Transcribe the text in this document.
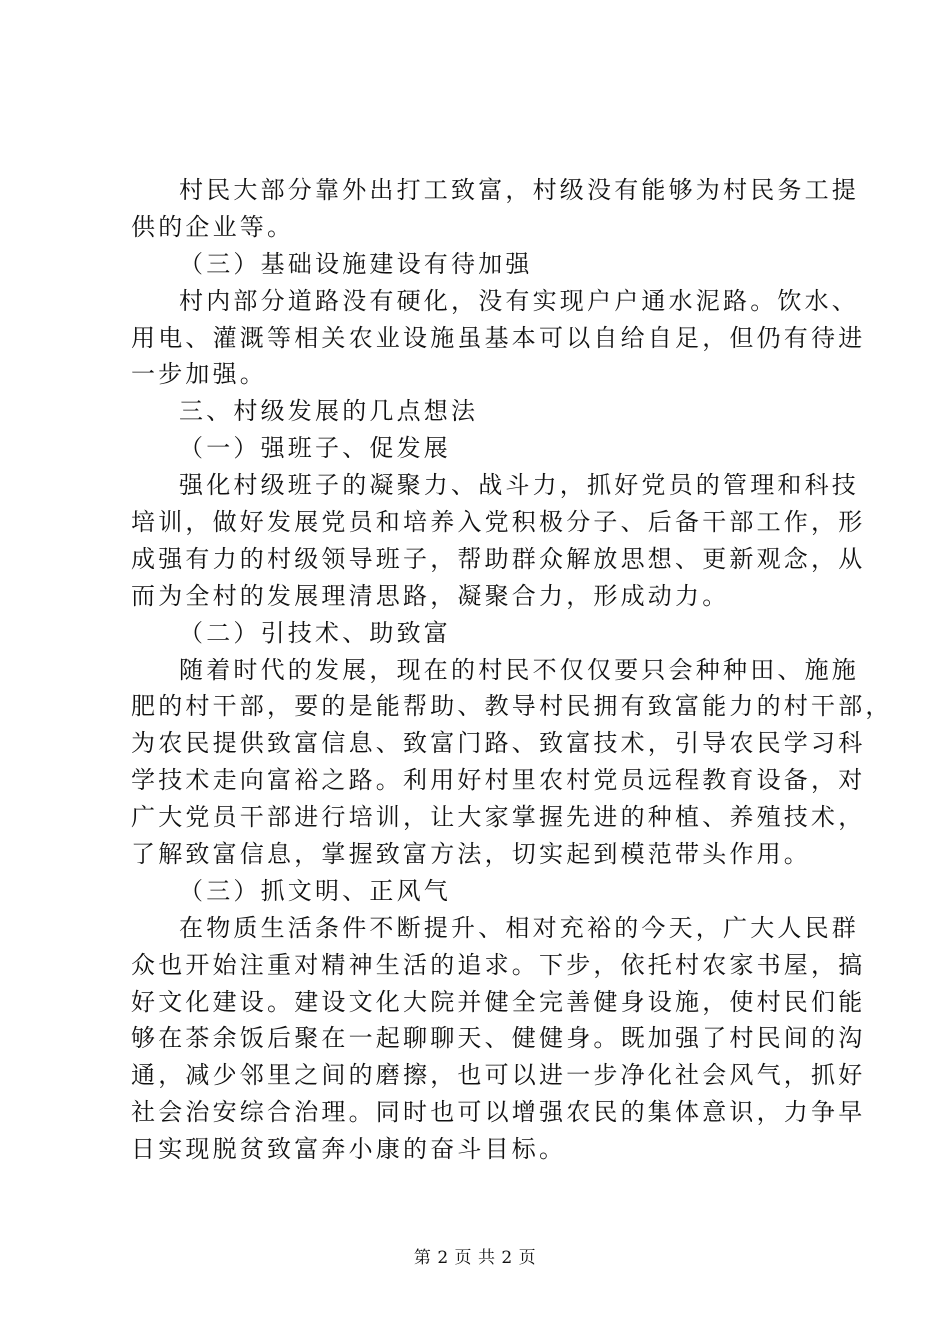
村民大部分靠外出打工致富，村级没有能够为村民务工提
供的企业等。
（三）基础设施建设有待加强
村内部分道路没有硬化，没有实现户户通水泥路。饮水、
用电、灌溉等相关农业设施虽基本可以自给自足，但仍有待进
一步加强。
三、村级发展的几点想法
（一）强班子、促发展
强化村级班子的凝聚力、战斗力，抓好党员的管理和科技
培训，做好发展党员和培养入党积极分子、后备干部工作，形
成强有力的村级领导班子，帮助群众解放思想、更新观念，从
而为全村的发展理清思路，凝聚合力，形成动力。
（二）引技术、助致富
随着时代的发展，现在的村民不仅仅要只会种种田、施施
肥的村干部，要的是能帮助、教导村民拥有致富能力的村干部，
为农民提供致富信息、致富门路、致富技术，引导农民学习科
学技术走向富裕之路。利用好村里农村党员远程教育设备，对
广大党员干部进行培训，让大家掌握先进的种植、养殖技术，
了解致富信息，掌握致富方法，切实起到模范带头作用。
（三）抓文明、正风气
在物质生活条件不断提升、相对充裕的今天，广大人民群
众也开始注重对精神生活的追求。下步，依托村农家书屋，搞
好文化建设。建设文化大院并健全完善健身设施，使村民们能
够在茶余饭后聚在一起聊聊天、健健身。既加强了村民间的沟
通，减少邻里之间的磨擦，也可以进一步净化社会风气，抓好
社会治安综合治理。同时也可以增强农民的集体意识，力争早
日实现脱贫致富奔小康的奋斗目标。
第 2 页 共 2 页
